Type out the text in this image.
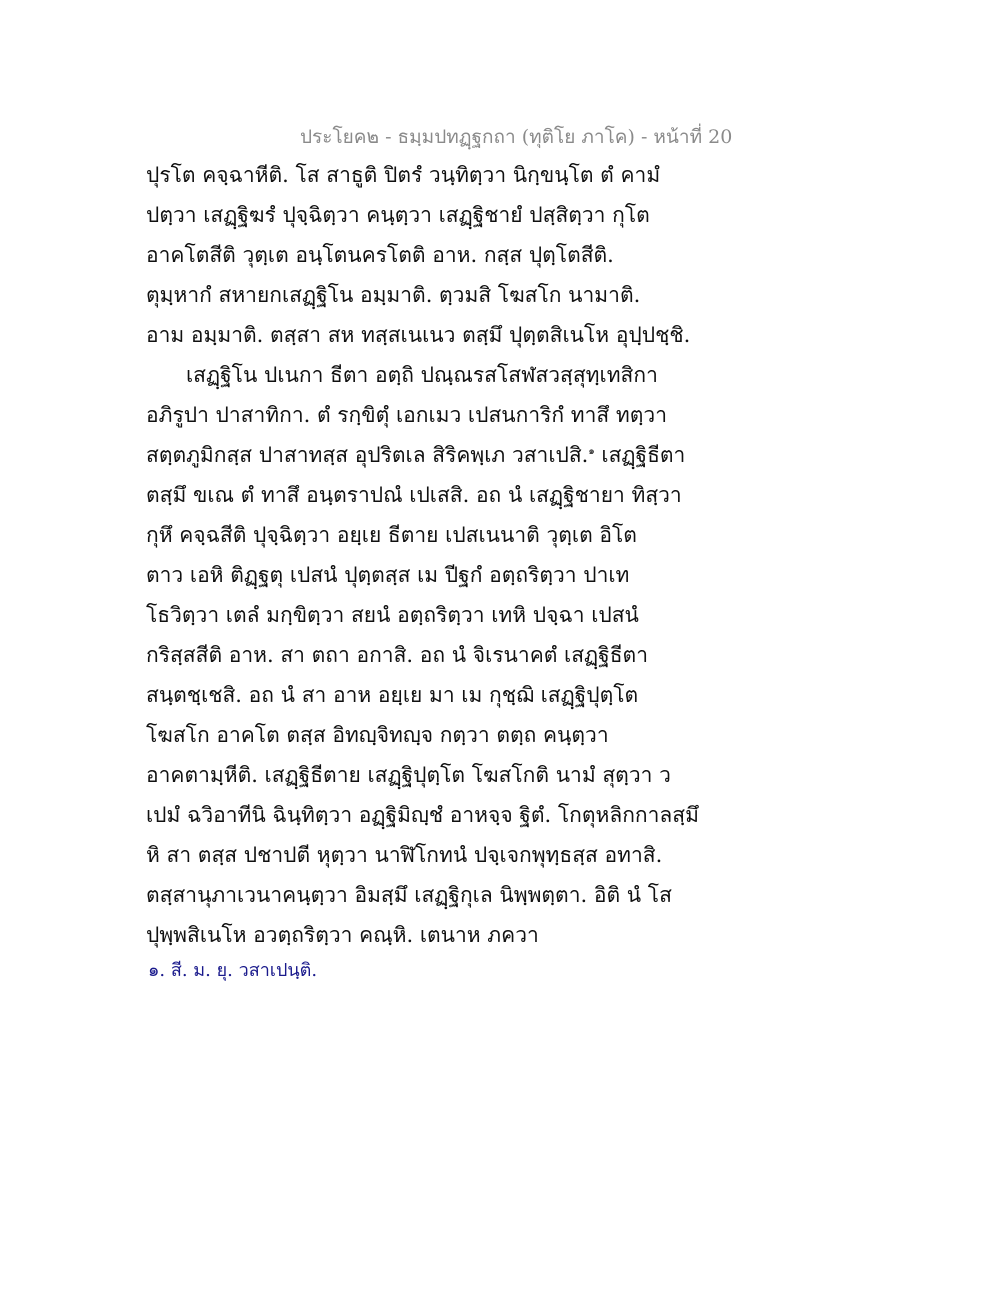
ประโยค๒ - ธมฺมปทฏฺฐกถา (ทุติโย ภาโค) - หน้าที่ 20
ปุรโต คจฺฉาหีติ. โส สาธูติ ปิตรํ วนฺทิตฺวา นิกฺขนฺโต ตํ คามํ
ปตฺวา เสฏฺฐิฆรํ ปุจฺฉิตฺวา คนฺตฺวา เสฏฺฐิชายํ ปสฺสิตฺวา กุโต
อาคโตสีติ วุตฺเต อนฺโตนครโตติ อาห. กสฺส ปุตฺโตสีติ.
ตุมฺหากํ สหายกเสฏฺฐิโน อมฺมาติ. ตฺวมสิ โฆสโก นามาติ.
อาม อมฺมาติ. ตสฺสา สห ทสฺสเนเนว ตสฺมึ ปุตฺตสิเนโห อุปฺปชฺชิ.
เสฏฺฐิโน ปเนกา ธีตา อตฺถิ ปณฺณรสโสฬสวสฺสุทฺเทสิกา
อภิรูปา ปาสาทิกา. ตํ รกฺขิตุํ เอกเมว เปสนการิกํ ทาสึ ทตฺวา
สตฺตภูมิกสฺส ปาสาทสฺส อุปริตเล สิริคพฺเภ วสาเปสิ.$^๑$ เสฏฺฐิธีตา
ตสฺมึ ขเณ ตํ ทาสึ อนฺตราปณํ เปเสสิ. อถ นํ เสฏฺฐิชายา ทิสฺวา
กุหึ คจฺฉสีติ ปุจฺฉิตฺวา อยฺเย ธีตาย เปสเนนาติ วุตฺเต อิโต
ตาว เอหิ ติฏฺฐตุ เปสนํ ปุตฺตสฺส เม ปีฐกํ อตฺถริตฺวา ปาเท
โธวิตฺวา เตลํ มกฺขิตฺวา สยนํ อตฺถริตฺวา เทหิ ปจฺฉา เปสนํ
กริสฺสสีติ อาห. สา ตถา อกาสิ. อถ นํ จิเรนาคตํ เสฏฺฐิธีตา
สนฺตชฺเชสิ. อถ นํ สา อาห อยฺเย มา เม กุชฺฌิ เสฏฺฐิปุตฺโต
โฆสโก อาคโต ตสฺส อิทญฺจิทญฺจ กตฺวา ตตฺถ คนฺตฺวา
อาคตามฺหีติ. เสฏฺฐิธีตาย เสฏฺฐิปุตฺโต โฆสโกติ นามํ สุตฺวา ว
เปมํ ฉวิอาทีนิ ฉินฺทิตฺวา อฏฺฐิมิญฺชํ อาหจฺจ ฐิตํ. โกตุหลิกกาลสฺมึ
หิ สา ตสฺส ปชาปตี หุตฺวา นาฬิโกทนํ ปจฺเจกพุทฺธสฺส อทาสิ.
ตสฺสานุภาเวนาคนฺตฺวา อิมสฺมึ เสฏฺฐิกุเล นิพฺพตฺตา. อิติ นํ โส
ปุพฺพสิเนโห อวตฺถริตฺวา คณฺหิ. เตนาห ภควา
๑. สี. ม. ยุ. วสาเปนฺติ.
